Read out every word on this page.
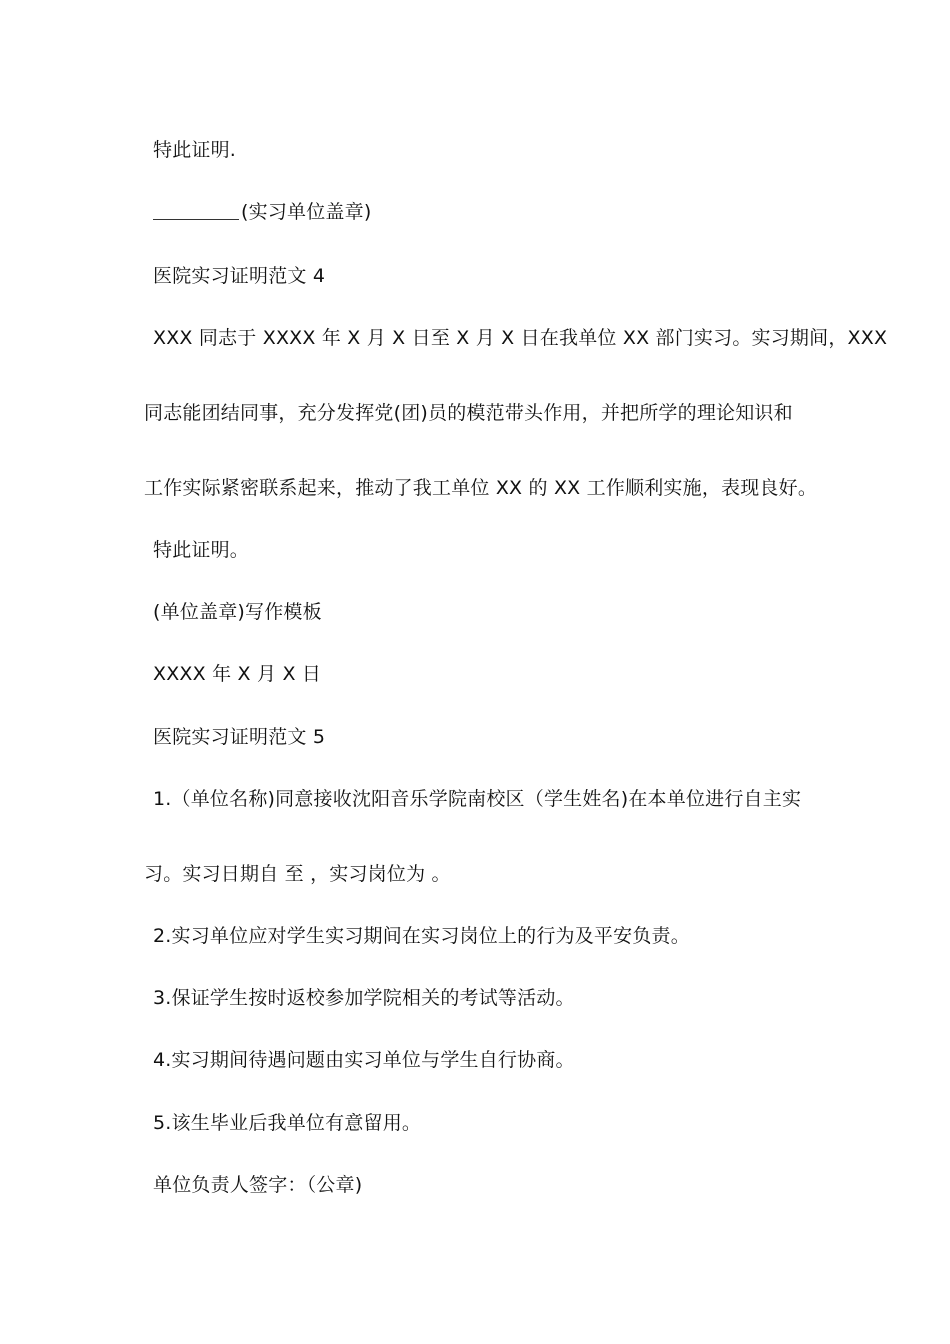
特此证明.
(实习单位盖章)
医院实习证明范文 4
XXX 同志于 XXXX 年 X 月 X 日至 X 月 X 日在我单位 XX 部门实习。实习期间，XXX
同志能团结同事，充分发挥党(团)员的模范带头作用，并把所学的理论知识和
工作实际紧密联系起来，推动了我工单位 XX 的 XX 工作顺利实施，表现良好。
特此证明。
(单位盖章)写作模板
XXXX 年 X 月 X 日
医院实习证明范文 5
1.（单位名称)同意接收沈阳音乐学院南校区（学生姓名)在本单位进行自主实
习。实习日期自 至 ，实习岗位为 。
2.实习单位应对学生实习期间在实习岗位上的行为及平安负责。
3.保证学生按时返校参加学院相关的考试等活动。
4.实习期间待遇问题由实习单位与学生自行协商。
5.该生毕业后我单位有意留用。
单位负责人签字：（公章)
